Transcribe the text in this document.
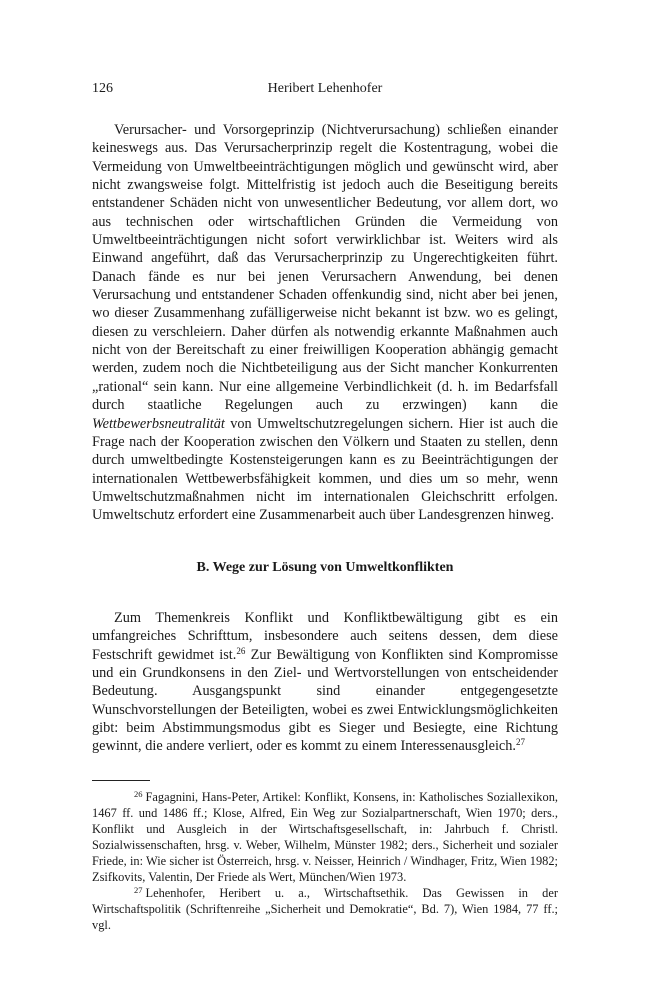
126	Heribert Lehenhofer

Verursacher- und Vorsorgeprinzip (Nichtverursachung) schließen einander keineswegs aus. Das Verursacherprinzip regelt die Kostentragung, wobei die Vermeidung von Umweltbeeinträchtigungen möglich und gewünscht wird, aber nicht zwangsweise folgt. Mittelfristig ist jedoch auch die Beseitigung bereits entstandener Schäden nicht von unwesentlicher Bedeutung, vor allem dort, wo aus technischen oder wirtschaftlichen Gründen die Vermeidung von Umweltbeeinträchtigungen nicht sofort verwirklichbar ist. Weiters wird als Einwand angeführt, daß das Verursacherprinzip zu Ungerechtigkeiten führt. Danach fände es nur bei jenen Verursachern Anwendung, bei denen Verursachung und entstandener Schaden offenkundig sind, nicht aber bei jenen, wo dieser Zusammenhang zufälligerweise nicht bekannt ist bzw. wo es gelingt, diesen zu verschleiern. Daher dürfen als notwendig erkannte Maßnahmen auch nicht von der Bereitschaft zu einer freiwilligen Kooperation abhängig gemacht werden, zudem noch die Nichtbeteiligung aus der Sicht mancher Konkurrenten „rational“ sein kann. Nur eine allgemeine Verbindlichkeit (d. h. im Bedarfsfall durch staatliche Regelungen auch zu erzwingen) kann die Wettbewerbsneutralität von Umweltschutzregelungen sichern. Hier ist auch die Frage nach der Kooperation zwischen den Völkern und Staaten zu stellen, denn durch umweltbedingte Kostensteigerungen kann es zu Beeinträchtigungen der internationalen Wettbewerbsfähigkeit kommen, und dies um so mehr, wenn Umweltschutzmaßnahmen nicht im internationalen Gleichschritt erfolgen. Umweltschutz erfordert eine Zusammenarbeit auch über Landesgrenzen hinweg.

B. Wege zur Lösung von Umweltkonflikten

Zum Themenkreis Konflikt und Konfliktbewältigung gibt es ein umfangreiches Schrifttum, insbesondere auch seitens dessen, dem diese Festschrift gewidmet ist.$^{26}$ Zur Bewältigung von Konflikten sind Kompromisse und ein Grundkonsens in den Ziel- und Wertvorstellungen von entscheidender Bedeutung. Ausgangspunkt sind einander entgegengesetzte Wunschvorstellungen der Beteiligten, wobei es zwei Entwicklungsmöglichkeiten gibt: beim Abstimmungsmodus gibt es Sieger und Besiegte, eine Richtung gewinnt, die andere verliert, oder es kommt zu einem Interessenausgleich.$^{27}$

$^{26}$ Fagagnini, Hans-Peter, Artikel: Konflikt, Konsens, in: Katholisches Soziallexikon, 1467 ff. und 1486 ff.; Klose, Alfred, Ein Weg zur Sozialpartnerschaft, Wien 1970; ders., Konflikt und Ausgleich in der Wirtschaftsgesellschaft, in: Jahrbuch f. Christl. Sozialwissenschaften, hrsg. v. Weber, Wilhelm, Münster 1982; ders., Sicherheit und sozialer Friede, in: Wie sicher ist Österreich, hrsg. v. Neisser, Heinrich / Windhager, Fritz, Wien 1982; Zsifkovits, Valentin, Der Friede als Wert, München/Wien 1973.

$^{27}$ Lehenhofer, Heribert u. a., Wirtschaftsethik. Das Gewissen in der Wirtschaftspolitik (Schriftenreihe „Sicherheit und Demokratie“, Bd. 7), Wien 1984, 77 ff.; vgl.
